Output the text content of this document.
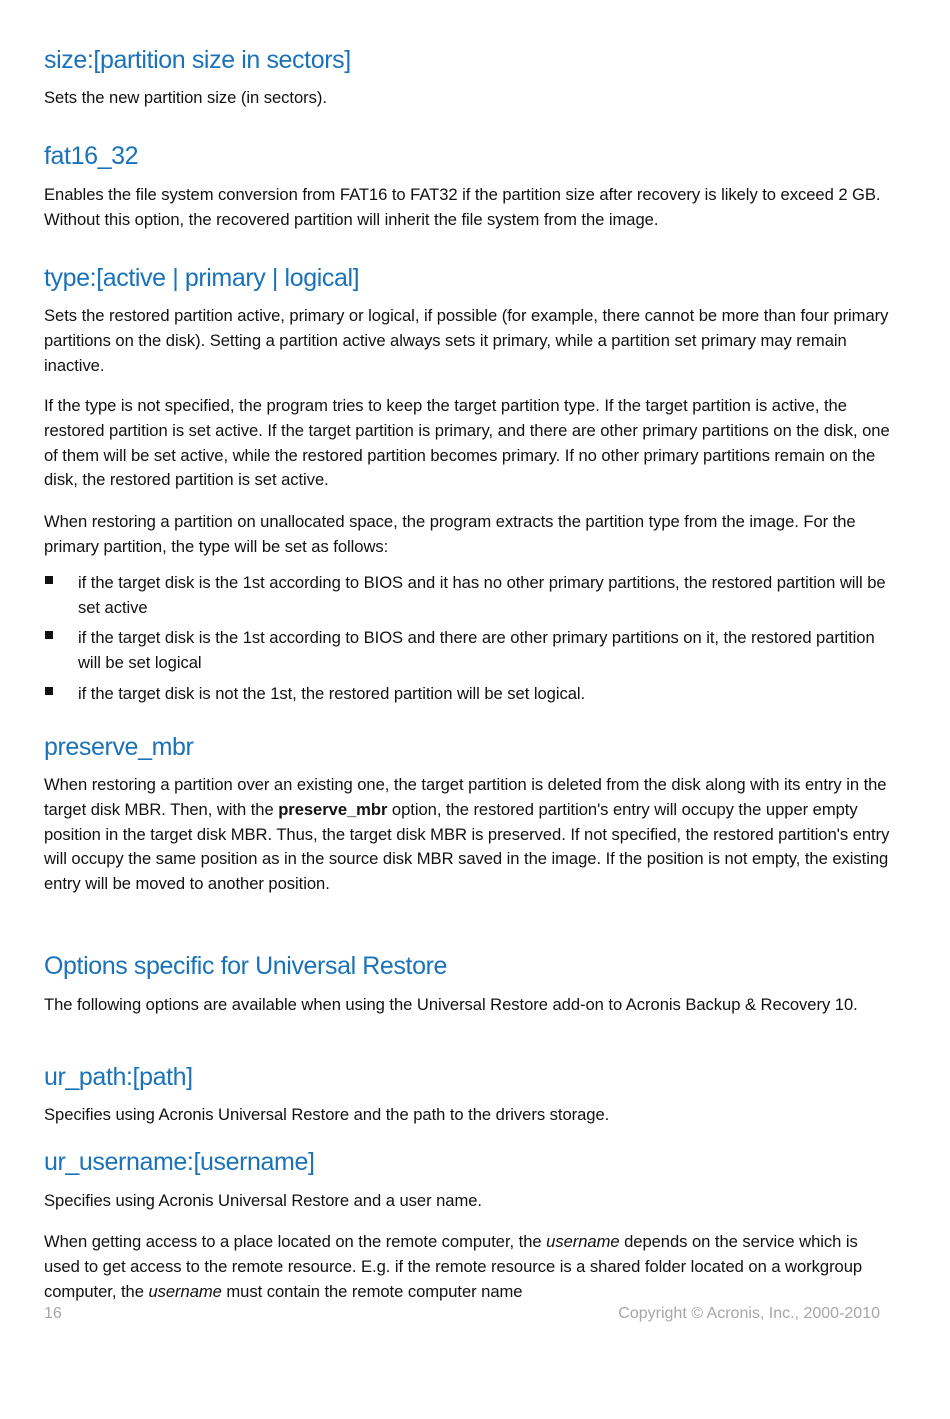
size:[partition size in sectors]

Sets the new partition size (in sectors).

fat16_32

Enables the file system conversion from FAT16 to FAT32 if the partition size after recovery is likely to exceed 2 GB. Without this option, the recovered partition will inherit the file system from the image.

type:[active | primary | logical]

Sets the restored partition active, primary or logical, if possible (for example, there cannot be more than four primary partitions on the disk). Setting a partition active always sets it primary, while a partition set primary may remain inactive.

If the type is not specified, the program tries to keep the target partition type. If the target partition is active, the restored partition is set active. If the target partition is primary, and there are other primary partitions on the disk, one of them will be set active, while the restored partition becomes primary. If no other primary partitions remain on the disk, the restored partition is set active.

When restoring a partition on unallocated space, the program extracts the partition type from the image. For the primary partition, the type will be set as follows:

if the target disk is the 1st according to BIOS and it has no other primary partitions, the restored partition will be set active

if the target disk is the 1st according to BIOS and there are other primary partitions on it, the restored partition will be set logical

if the target disk is not the 1st, the restored partition will be set logical.

preserve_mbr

When restoring a partition over an existing one, the target partition is deleted from the disk along with its entry in the target disk MBR. Then, with the preserve_mbr option, the restored partition's entry will occupy the upper empty position in the target disk MBR. Thus, the target disk MBR is preserved. If not specified, the restored partition's entry will occupy the same position as in the source disk MBR saved in the image. If the position is not empty, the existing entry will be moved to another position.

Options specific for Universal Restore

The following options are available when using the Universal Restore add-on to Acronis Backup & Recovery 10.

ur_path:[path]

Specifies using Acronis Universal Restore and the path to the drivers storage.

ur_username:[username]

Specifies using Acronis Universal Restore and a user name.

When getting access to a place located on the remote computer, the username depends on the service which is used to get access to the remote resource. E.g. if the remote resource is a shared folder located on a workgroup computer, the username must contain the remote computer name

16	Copyright © Acronis, Inc., 2000-2010
